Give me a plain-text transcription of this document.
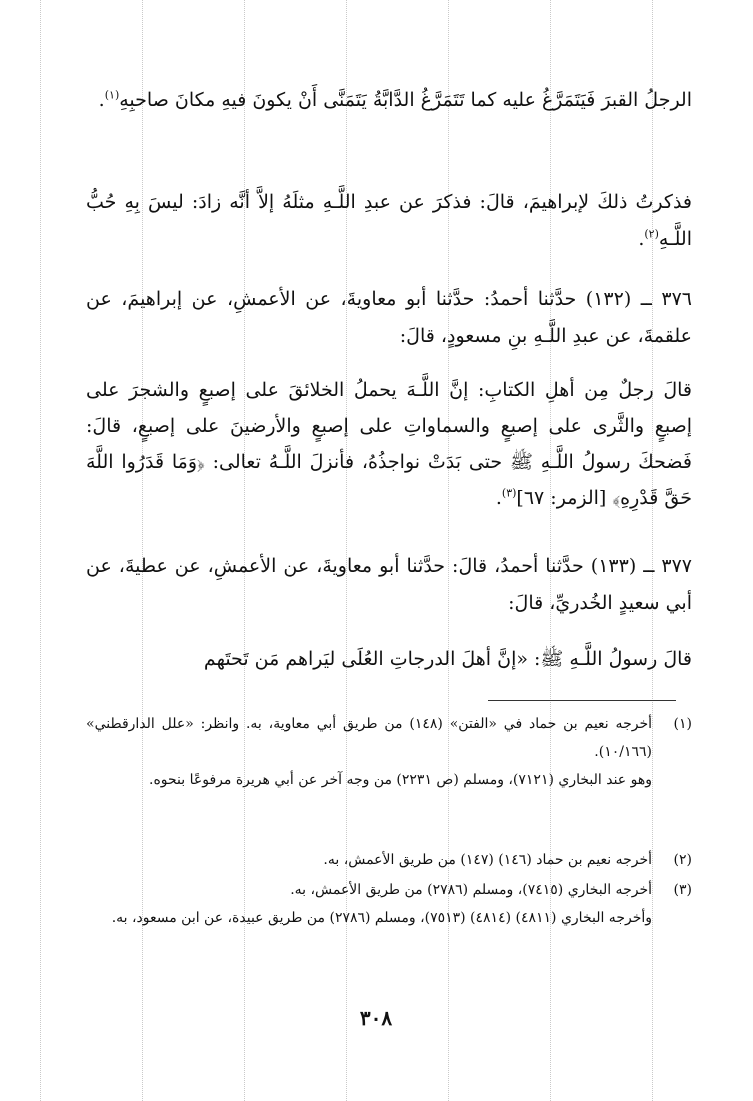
الرجلُ القبرَ فَيَتَمَرَّغُ عليه كما تَتَمَرَّغُ الدَّابَّةُ يَتَمَنَّى أَنْ يكونَ فيهِ مكانَ صاحبِهِ$^{(١)}$.

فذكرتُ ذلكَ لإبراهيمَ، قالَ: فذكرَ عن عبدِ اللَّـهِ مثلَهُ إلاَّ أنَّه زادَ: ليسَ بِهِ حُبُّ اللَّـهِ$^{(٢)}$.

٣٧٦ ــ (١٣٢) حدَّثنا أحمدُ: حدَّثنا أبو معاويةَ، عن الأعمشِ، عن إبراهيمَ، عن علقمةَ، عن عبدِ اللَّـهِ بنِ مسعودٍ، قالَ:

قالَ رجلٌ مِن أهلِ الكتابِ: إنَّ اللَّـهَ يحملُ الخلائقَ على إصبعٍ والشجرَ على إصبعٍ والثَّرى على إصبعٍ والسماواتِ على إصبعٍ والأرضينَ على إصبعٍ، قالَ: فَضحكَ رسولُ اللَّـهِ ﷺ حتى بَدَتْ نواجذُهُ، فأنزلَ اللَّـهُ تعالى: ﴿وَمَا قَدَرُوا اللَّهَ حَقَّ قَدْرِهِ﴾ [الزمر: ٦٧]$^{(٣)}$.

٣٧٧ ــ (١٣٣) حدَّثنا أحمدُ، قالَ: حدَّثنا أبو معاويةَ، عن الأعمشِ، عن عطيةَ، عن أبي سعيدٍ الخُدريِّ، قالَ:

قالَ رسولُ اللَّـهِ ﷺ: «إنَّ أهلَ الدرجاتِ العُلَى ليَراهم مَن تَحتَهم

(١)
أخرجه نعيم بن حماد في «الفتن» (١٤٨) من طريق أبي معاوية، به. وانظر: «علل الدارقطني» (١٠/١٦٦).
وهو عند البخاري (٧١٢١)، ومسلم (ص ٢٢٣١) من وجه آخر عن أبي هريرة مرفوعًا بنحوه.
(٢)
أخرجه نعيم بن حماد (١٤٦) (١٤٧) من طريق الأعمش، به.
(٣)
أخرجه البخاري (٧٤١٥)، ومسلم (٢٧٨٦) من طريق الأعمش، به.
وأخرجه البخاري (٤٨١١) (٤٨١٤) (٧٥١٣)، ومسلم (٢٧٨٦) من طريق عبيدة، عن ابن مسعود، به.
٣٠٨
